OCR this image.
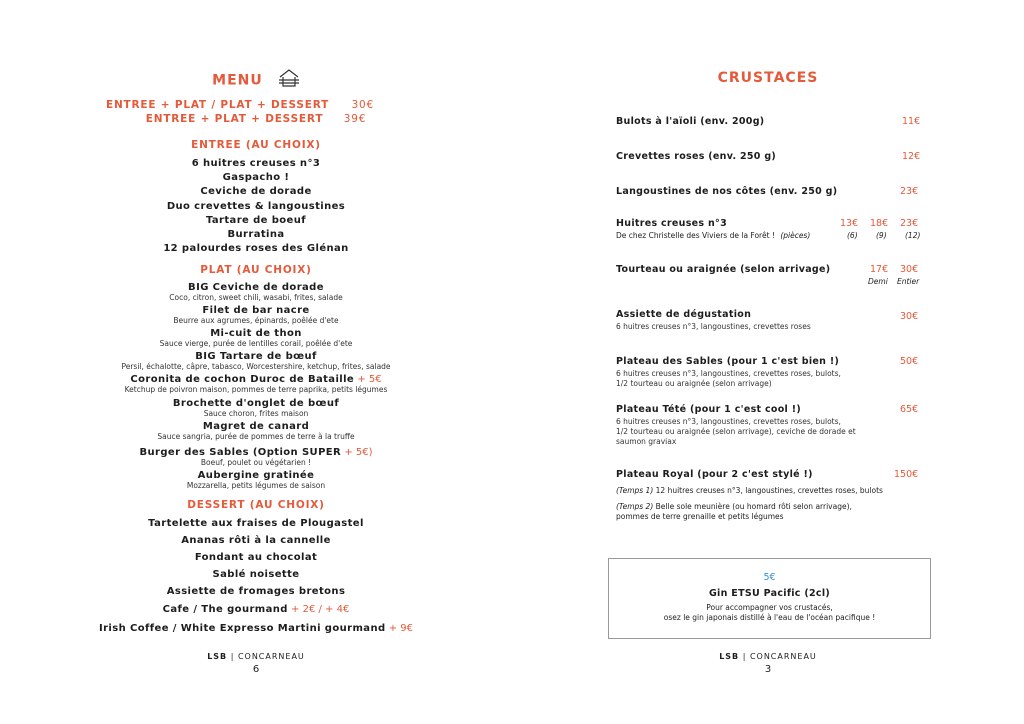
MENU
ENTREE + PLAT / PLAT + DESSERT 30€
ENTREE + PLAT + DESSERT 39€
ENTREE (AU CHOIX)
6 huitres creuses n°3
Gaspacho !
Ceviche de dorade
Duo crevettes & langoustines
Tartare de boeuf
Burratina
12 palourdes roses des Glénan
PLAT (AU CHOIX)
BIG Ceviche de dorade
Coco, citron, sweet chili, wasabi, frites, salade
Filet de bar nacre
Beurre aux agrumes, épinards, poêlée d'ete
Mi-cuit de thon
Sauce vierge, purée de lentilles corail, poêlée d'ete
BIG Tartare de bœuf
Persil, échalotte, câpre, tabasco, Worcestershire, ketchup, frites, salade
Coronita de cochon Duroc de Bataille + 5€
Ketchup de poivron maison, pommes de terre paprika, petits légumes
Brochette d'onglet de bœuf
Sauce choron, frites maison
Magret de canard
Sauce sangria, purée de pommes de terre à la truffe
Burger des Sables (Option SUPER + 5€)
Boeuf, poulet ou végétarien !
Aubergine gratinée
Mozzarella, petits légumes de saison
DESSERT (AU CHOIX)
Tartelette aux fraises de Plougastel
Ananas rôti à la cannelle
Fondant au chocolat
Sablé noisette
Assiette de fromages bretons
Cafe / The gourmand + 2€ / + 4€
Irish Coffee / White Expresso Martini gourmand + 9€
LSB | CONCARNEAU
6
CRUSTACES
Bulots à l'aïoli (env. 200g)	11€
Crevettes roses (env. 250 g)	12€
Langoustines de nos côtes (env. 250 g)	23€
Huitres creuses n°3	13€ 18€ 23€
De chez Christelle des Viviers de la Forêt ! (pièces)	(6) (9) (12)
Tourteau ou araignée (selon arrivage)	17€ 30€
Demi Entier
Assiette de dégustation	30€
6 huitres creuses n°3, langoustines, crevettes roses
Plateau des Sables (pour 1 c'est bien !)	50€
6 huitres creuses n°3, langoustines, crevettes roses, bulots,
1/2 tourteau ou araignée (selon arrivage)
Plateau Tété (pour 1 c'est cool !)	65€
6 huitres creuses n°3, langoustines, crevettes roses, bulots,
1/2 tourteau ou araignée (selon arrivage), ceviche de dorade et
saumon graviax
Plateau Royal (pour 2 c'est stylé !)	150€
(Temps 1) 12 huitres creuses n°3, langoustines, crevettes roses, bulots
(Temps 2) Belle sole meunière (ou homard rôti selon arrivage),
pommes de terre grenaille et petits légumes
5€
Gin ETSU Pacific (2cl)
Pour accompagner vos crustacés,
osez le gin japonais distillé à l'eau de l'océan pacifique !
LSB | CONCARNEAU
3
